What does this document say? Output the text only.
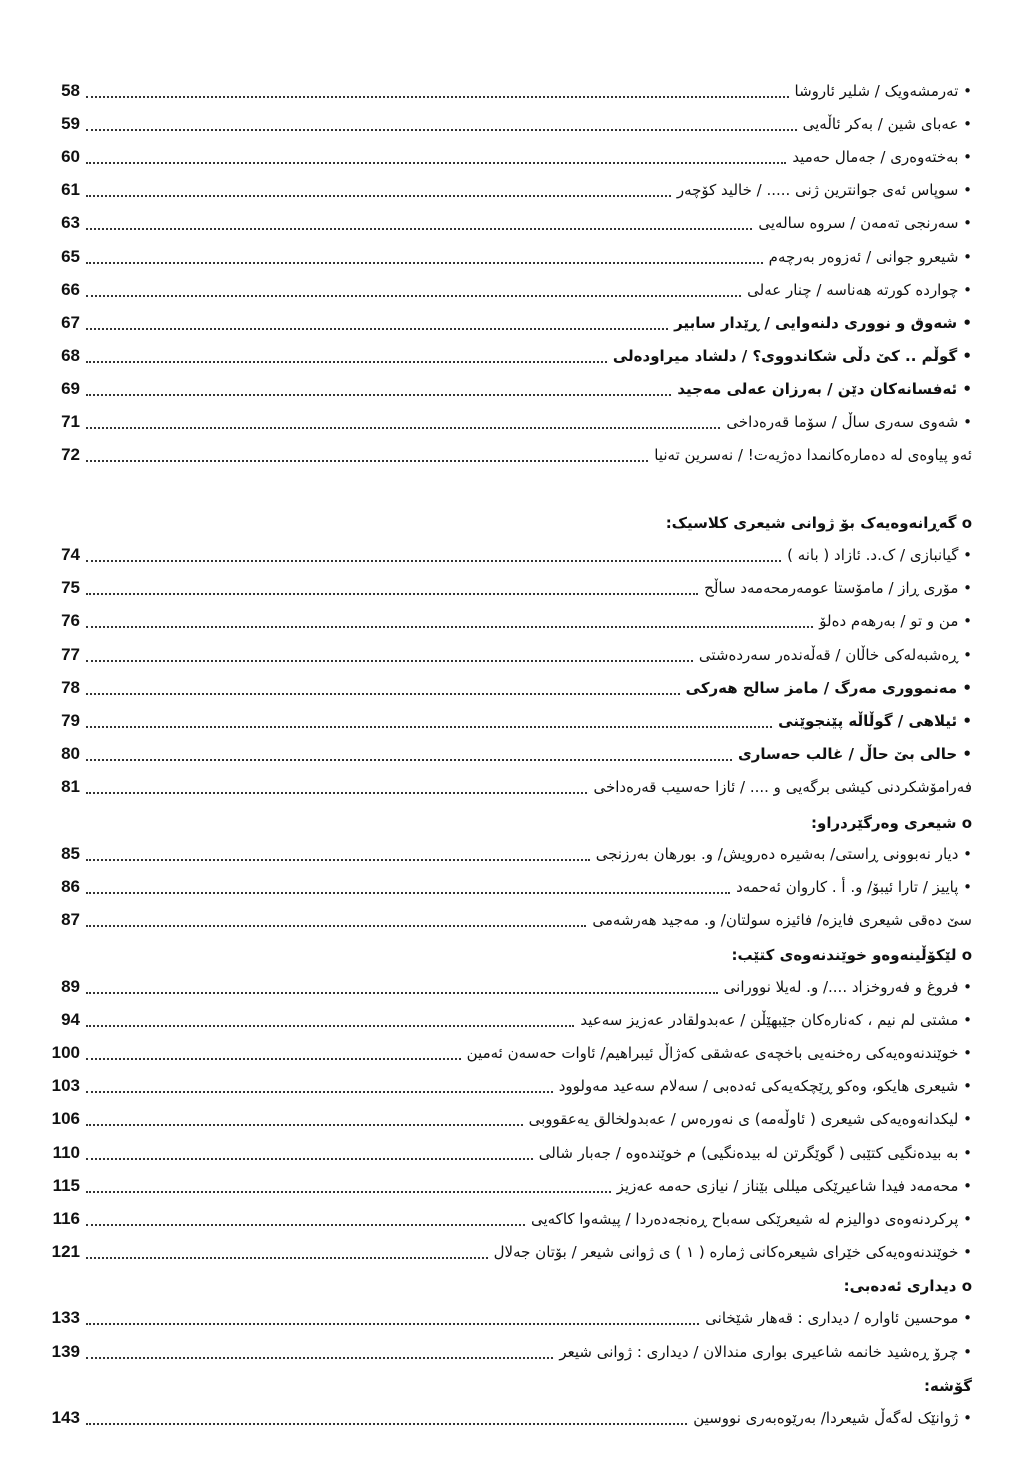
58	• تەرمشەویک / شلیر ئاروشا
59	• عەبای شین / بەکر ئاڵەیی
60	• بەختەوەری / جەمال حەمید
61	• سوپاس ئەی جوانترین ژنی ..... / خالید کۆچەر
63	• سەرنجی تەمەن / سروە سالەیی
65	• شیعرو جوانی / ئەزوەر بەرچەم
66	• چوارده کورته هەناسه / چنار عەلی
67	• شەوق و نووری دلنەوایی / ڕێدار سابیر
68	• گوڵم .. کێ دڵی شکاندووی؟ / دلشاد میراودەلی
69	• ئەفسانەکان دێن / بەرزان عەلی مەجید
71	• شەوی سەری ساڵ / سۆما قەرەداخی
72	ئەو پیاوەی لە دەمارەکانمدا دەژیەت! / نەسرین تەنیا
o گەڕانەوەیەک بۆ ژوانی شیعری کلاسیک:
74	• گیانبازی / ک.د. ئازاد ( بانه )
75	• مۆری ڕاز / مامۆستا عومەرمحەمەد ساڵح
76	• من و تو / بەرهەم دەلۆ
77	• ڕەشبەلەکی خاڵان / قەڵەندەر سەردەشتی
78	• مەنمووری مەرگ / مامز سالح هەرکی
79	• ئیلاهی / گوڵاڵە پێنجوێنی
80	• حالی بێ حاڵ / غالب حەساری
81	فەرامۆشکردنی کیشی برگەیی و .... / ئازا حەسیب قەرەداخی
o شیعری وەرگێردراو:
85	• دیار نەبوونی ڕاستی/ بەشیره دەرویش/ و. بورهان بەرزنجی
86	• پاییز / تارا ئیبۆ/ و. أ . کاروان ئەحمەد
87	سێ دەقی شیعری فایزە/ فائیزه سولتان/ و. مەجید هەرشەمی
o لێکۆڵینەوەو خوێندنەوەی کتێب:
89	• فروغ و فەروخزاد ..../ و. لەیلا نوورانی
94	• مشتی لم نیم ، کەنارەکان جێبهێڵن / عەبدولقادر عەزیز سەعید
100	• خوێندنەوەیەکی رەخنەیی باخچەی عەشقی کەژاڵ ئیبراهیم/ ئاوات حەسەن ئەمین
103	• شیعری هایکو، وەکو ڕێچکەیەکی ئەدەبی / سەلام سەعید مەولوود
106	• لیکدانەوەیەکی شیعری ( ئاوڵەمە) ی نەورەس / عەبدولخالق یەعقووبی
110	• بە بیدەنگیی کتێبی ( گوێگرتن لە بیدەنگیی) م خوێندەوە / جەبار شالی
115	• محەمەد فیدا شاعیرێکی میللی بێناز / نیازی حەمە عەزیز
116	• پرکردنەوەی دوالیزم لە شیعرێکی سەباح ڕەنجەدەردا / پیشەوا کاکەیی
121	• خوێندنەوەیەکی خێرای شیعرەکانی ژمارە ( ۱ ) ی ژوانی شیعر / بۆتان جەلال
o دیداری ئەدەبی:
133	• موحسین ئاوارە / دیداری : قەهار شێخانی
139	• چرۆ ڕەشید خانمە شاعیری بواری مندالان / دیداری : ژوانی شیعر
گۆشە:
143	• ژوانێک لەگەڵ شیعردا/ بەرێوەبەری نووسین
